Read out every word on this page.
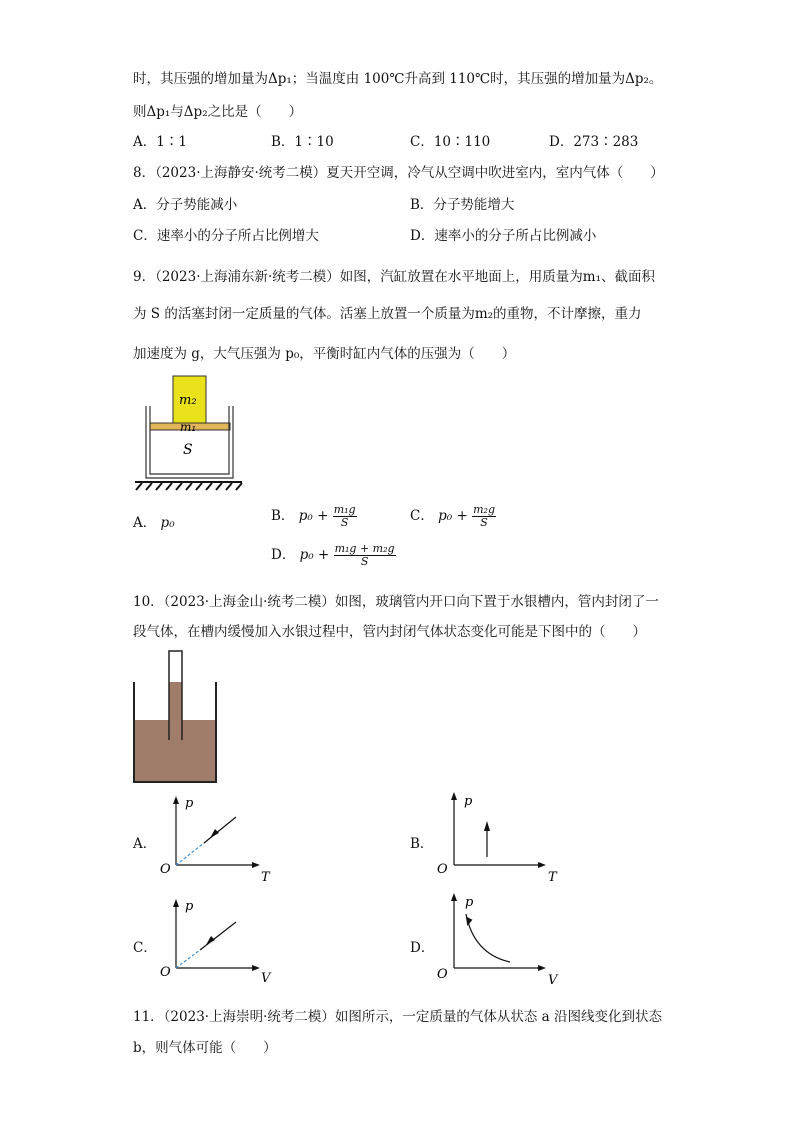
时，其压强的增加量为Δp₁；当温度由 100℃升高到 110℃时，其压强的增加量为Δp₂。
则Δp₁与Δp₂之比是（　　）
A．1∶1	B．1∶10	C．10∶110	D．273∶283
8．（2023·上海静安·统考二模）夏天开空调，冷气从空调中吹进室内，室内气体（　　）
A．分子势能减小	B．分子势能增大
C．速率小的分子所占比例增大	D．速率小的分子所占比例减小
9．（2023·上海浦东新·统考二模）如图，汽缸放置在水平地面上，用质量为m₁、截面积
为 S 的活塞封闭一定质量的气体。活塞上放置一个质量为m₂的重物，不计摩擦，重力
加速度为 g，大气压强为 p₀，平衡时缸内气体的压强为（　　）
m₂
m₁
S
A． p₀	B． $p_0 + \frac{\text{m₁g}}{S}$	C． $p_0 + \frac{\text{m₂g}}{S}$
D． $p_0 + \frac{\text{m₁g + m₂g}}{S}$
10．（2023·上海金山·统考二模）如图，玻璃管内开口向下置于水银槽内，管内封闭了一
段气体，在槽内缓慢加入水银过程中，管内封闭气体状态变化可能是下图中的（　　）
A．
p
T
O
B．
p
T
O
C．
p
V
O
D．
p
V
O
11．（2023·上海崇明·统考二模）如图所示，一定质量的气体从状态 a 沿图线变化到状态
b，则气体可能（　　）
